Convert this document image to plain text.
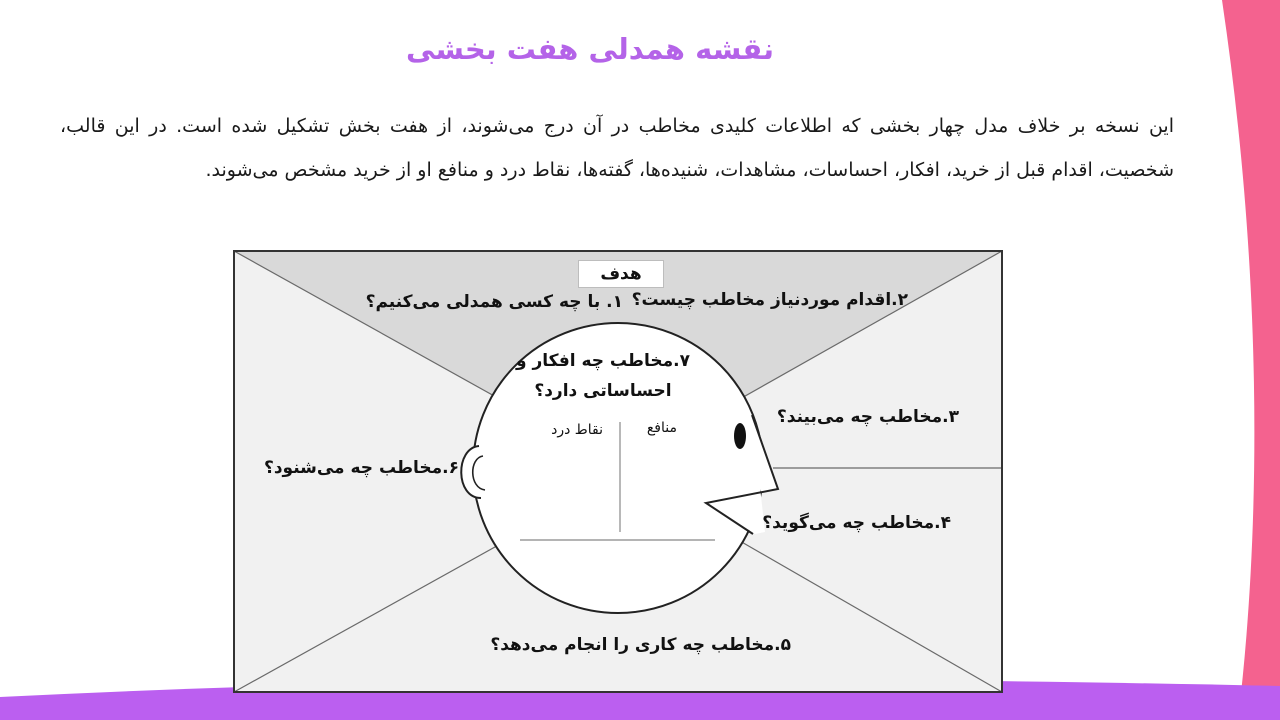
نقشه همدلی هفت بخشی
این نسخه بر خلاف مدل چهار بخشی که اطلاعات کلیدی مخاطب در آن درج می‌شوند، از هفت بخش تشکیل شده است. در این قالب، شخصیت، اقدام قبل از خرید، افکار، احساسات، مشاهدات، شنیده‌ها، گفته‌ها، نقاط درد و منافع او از خرید مشخص می‌شوند.
هدف
۱. با چه کسی همدلی می‌کنیم؟ ۲.اقدام موردنیاز مخاطب چیست؟
۷.مخاطب چه افکار و احساساتی دارد؟
منافع
نقاط درد
۳.مخاطب چه می‌بیند؟
۶.مخاطب چه می‌شنود؟
۴.مخاطب چه می‌گوید؟
۵.مخاطب چه کاری را انجام می‌دهد؟
